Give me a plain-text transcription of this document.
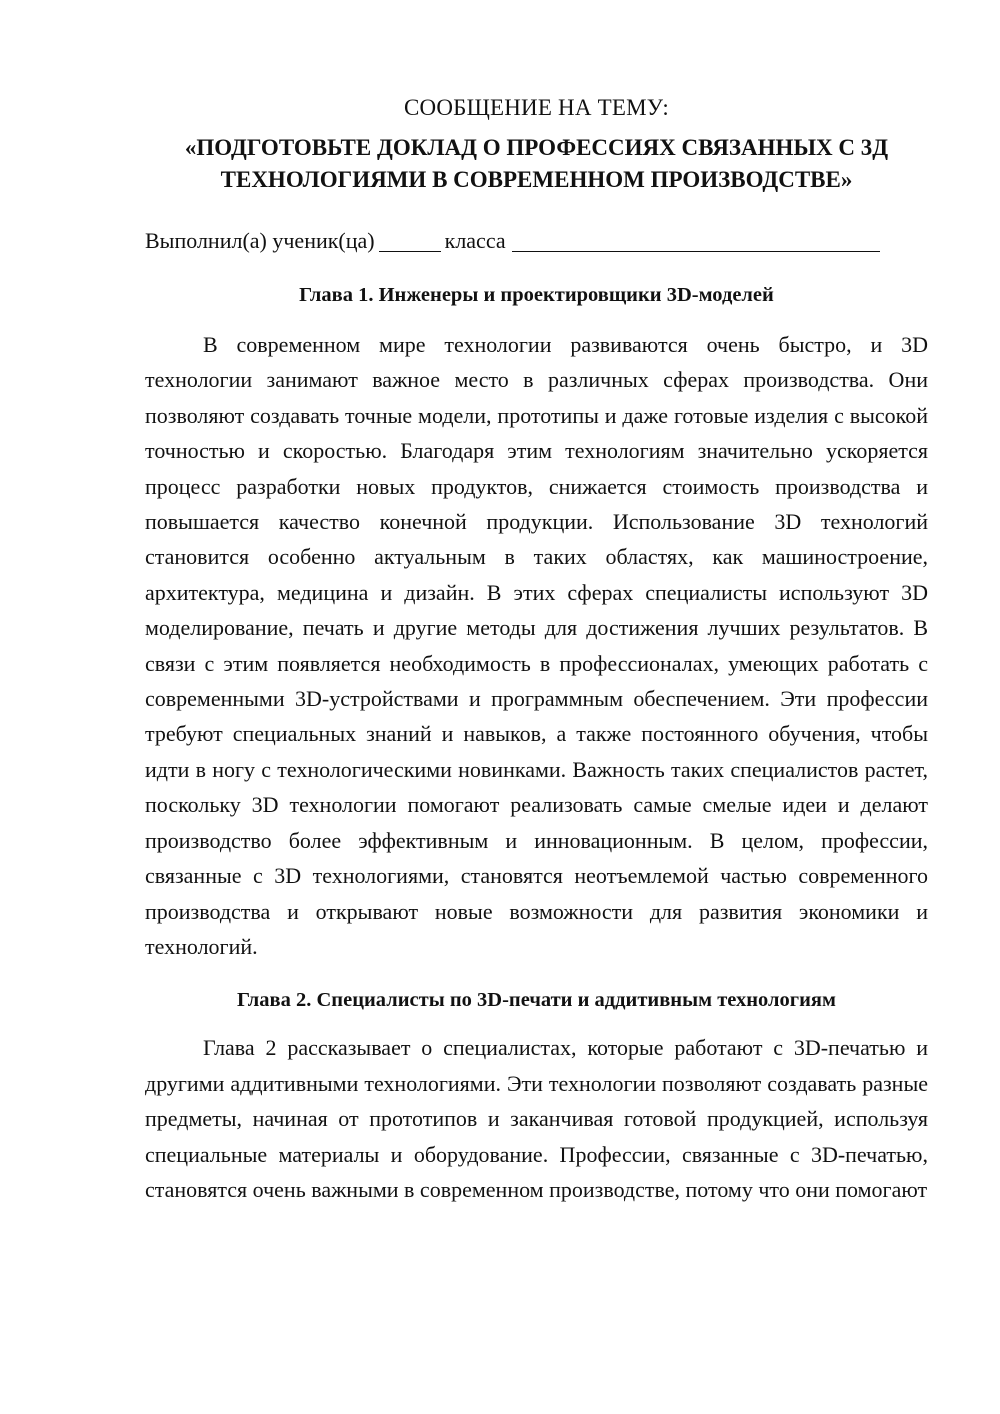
СООБЩЕНИЕ НА ТЕМУ:
«ПОДГОТОВЬТЕ ДОКЛАД О ПРОФЕССИЯХ СВЯЗАННЫХ С 3Д
ТЕХНОЛОГИЯМИ В СОВРЕМЕННОМ ПРОИЗВОДСТВЕ»
Выполнил(а) ученик(ца)	класса
Глава 1. Инженеры и проектировщики 3D-моделей

В современном мире технологии развиваются очень быстро, и 3D технологии занимают важное место в различных сферах производства. Они позволяют создавать точные модели, прототипы и даже готовые изделия с высокой точностью и скоростью. Благодаря этим технологиям значительно ускоряется процесс разработки новых продуктов, снижается стоимость производства и повышается качество конечной продукции. Использование 3D технологий становится особенно актуальным в таких областях, как машиностроение, архитектура, медицина и дизайн. В этих сферах специалисты используют 3D моделирование, печать и другие методы для достижения лучших результатов. В связи с этим появляется необходимость в профессионалах, умеющих работать с современными 3D-устройствами и программным обеспечением. Эти профессии требуют специальных знаний и навыков, а также постоянного обучения, чтобы идти в ногу с технологическими новинками. Важность таких специалистов растет, поскольку 3D технологии помогают реализовать самые смелые идеи и делают производство более эффективным и инновационным. В целом, профессии, связанные с 3D технологиями, становятся неотъемлемой частью современного производства и открывают новые возможности для развития экономики и технологий.

Глава 2. Специалисты по 3D-печати и аддитивным технологиям

Глава 2 рассказывает о специалистах, которые работают с 3D-печатью и другими аддитивными технологиями. Эти технологии позволяют создавать разные предметы, начиная от прототипов и заканчивая готовой продукцией, используя специальные материалы и оборудование. Профессии, связанные с 3D-печатью, становятся очень важными в современном производстве, потому что они помогают
